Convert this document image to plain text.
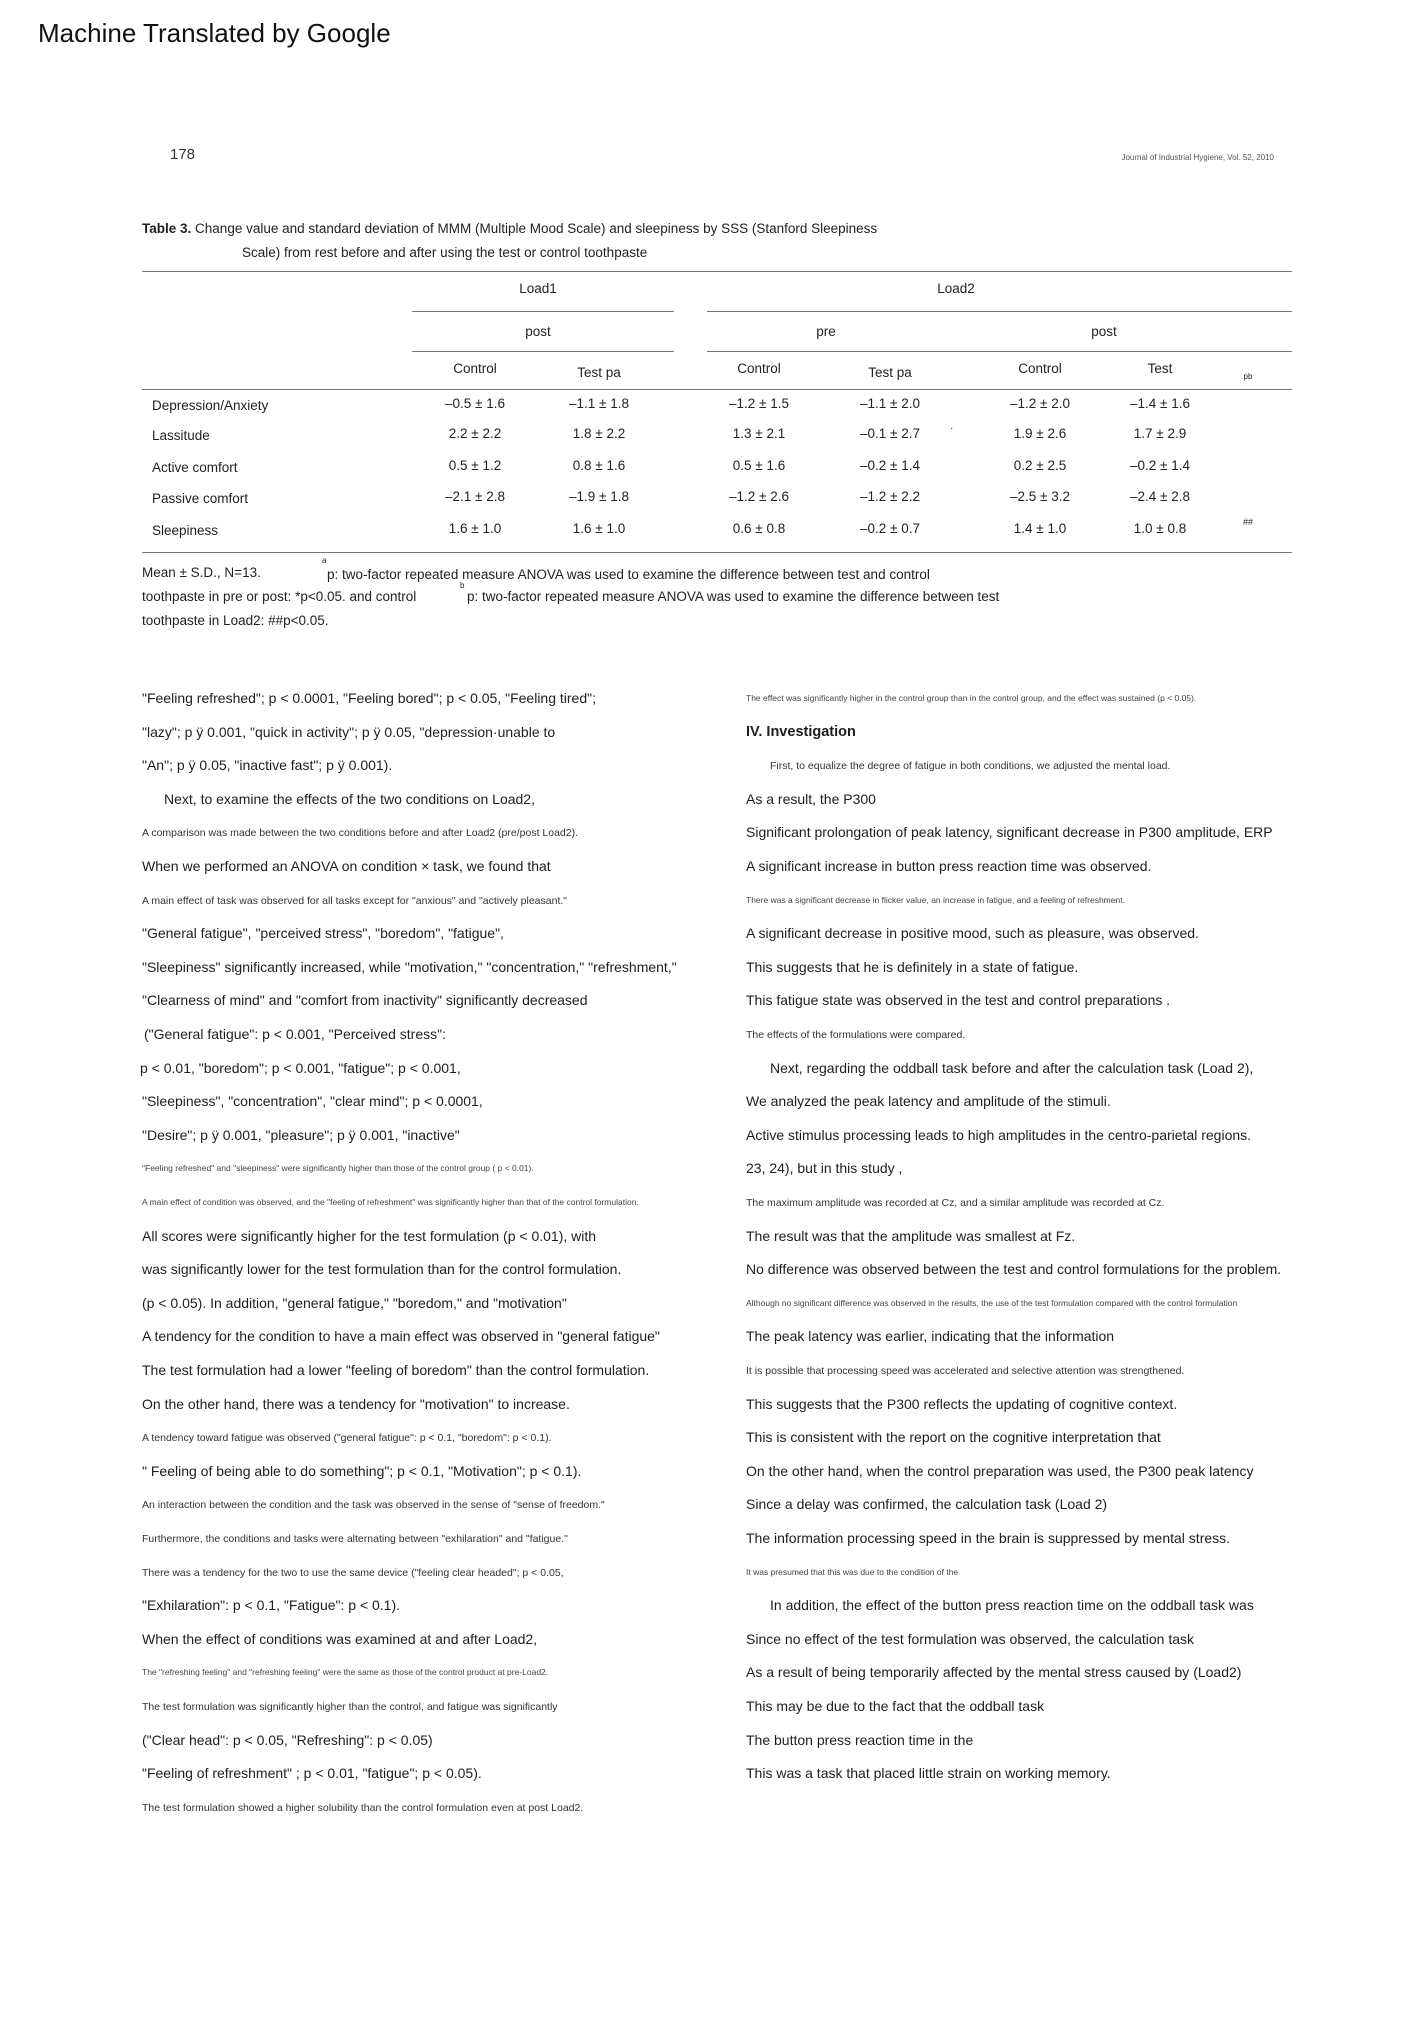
Machine Translated by Google
178	Journal of Industrial Hygiene, Vol. 52, 2010
Table 3. Change value and standard deviation of MMM (Multiple Mood Scale) and sleepiness by SSS (Stanford Sleepiness
Scale) from rest before and after using the test or control toothpaste
Load1	Load2
post	pre	post
Control	Test pa	Control	Test pa	Control	Test
pb
Depression/Anxiety	–0.5 ± 1.6	–1.1 ± 1.8	–1.2 ± 1.5	–1.1 ± 2.0	–1.2 ± 2.0	–1.4 ± 1.6
Lassitude	2.2 ± 2.2	1.8 ± 2.2	1.3 ± 2.1	–0.1 ± 2.7	1.9 ± 2.6	1.7 ± 2.9
Active comfort	0.5 ± 1.2	0.8 ± 1.6	0.5 ± 1.6	–0.2 ± 1.4	0.2 ± 2.5	–0.2 ± 1.4
Passive comfort	–2.1 ± 2.8	–1.9 ± 1.8	–1.2 ± 2.6	–1.2 ± 2.2	–2.5 ± 3.2	–2.4 ± 2.8
Sleepiness	1.6 ± 1.0	1.6 ± 1.0	0.6 ± 0.8	–0.2 ± 0.7	1.4 ± 1.0	1.0 ± 0.8	##
·
Mean ± S.D., N=13.
a
p: two-factor repeated measure ANOVA was used to examine the difference between test and control
toothpaste in pre or post: *p<0.05. and control
b
p: two-factor repeated measure ANOVA was used to examine the difference between test
toothpaste in Load2: ##p<0.05.
"Feeling refreshed"; p < 0.0001, "Feeling bored"; p < 0.05, "Feeling tired";
"lazy"; p ÿ 0.001, "quick in activity"; p ÿ 0.05, "depression·unable to
"An"; p ÿ 0.05, "inactive fast"; p ÿ 0.001).
Next, to examine the effects of the two conditions on Load2,
A comparison was made between the two conditions before and after Load2 (pre/post Load2).
When we performed an ANOVA on condition × task, we found that
A main effect of task was observed for all tasks except for "anxious" and "actively pleasant."
"General fatigue", "perceived stress", "boredom", "fatigue",
"Sleepiness" significantly increased, while "motivation," "concentration," "refreshment,"
"Clearness of mind" and "comfort from inactivity" significantly decreased
("General fatigue": p < 0.001, "Perceived stress":
p < 0.01, "boredom"; p < 0.001, "fatigue"; p < 0.001,
"Sleepiness", "concentration", "clear mind"; p < 0.0001,
"Desire"; p ÿ 0.001, "pleasure"; p ÿ 0.001, "inactive"
"Feeling refreshed" and "sleepiness" were significantly higher than those of the control group ( p < 0.01).
A main effect of condition was observed, and the "feeling of refreshment" was significantly higher than that of the control formulation.
All scores were significantly higher for the test formulation (p < 0.01), with
was significantly lower for the test formulation than for the control formulation.
(p < 0.05). In addition, "general fatigue," "boredom," and "motivation"
A tendency for the condition to have a main effect was observed in "general fatigue"
The test formulation had a lower "feeling of boredom" than the control formulation.
On the other hand, there was a tendency for "motivation" to increase.
A tendency toward fatigue was observed ("general fatigue": p < 0.1, "boredom": p < 0.1).
" Feeling of being able to do something"; p < 0.1, "Motivation"; p < 0.1).
An interaction between the condition and the task was observed in the sense of "sense of freedom."
Furthermore, the conditions and tasks were alternating between "exhilaration" and "fatigue."
There was a tendency for the two to use the same device ("feeling clear headed"; p < 0.05,
"Exhilaration": p < 0.1, "Fatigue": p < 0.1).
When the effect of conditions was examined at and after Load2,
The "refreshing feeling" and "refreshing feeling" were the same as those of the control product at pre-Load2.
The test formulation was significantly higher than the control, and fatigue was significantly
("Clear head": p < 0.05, "Refreshing": p < 0.05)
"Feeling of refreshment" ; p < 0.01, "fatigue"; p < 0.05).
The test formulation showed a higher solubility than the control formulation even at post Load2.
The effect was significantly higher in the control group than in the control group, and the effect was sustained (p < 0.05).
IV. Investigation
First, to equalize the degree of fatigue in both conditions, we adjusted the mental load.
As a result, the P300
Significant prolongation of peak latency, significant decrease in P300 amplitude, ERP
A significant increase in button press reaction time was observed.
There was a significant decrease in flicker value, an increase in fatigue, and a feeling of refreshment.
A significant decrease in positive mood, such as pleasure, was observed.
This suggests that he is definitely in a state of fatigue.
This fatigue state was observed in the test and control preparations .
The effects of the formulations were compared.
Next, regarding the oddball task before and after the calculation task (Load 2),
We analyzed the peak latency and amplitude of the stimuli.
Active stimulus processing leads to high amplitudes in the centro-parietal regions.
23, 24), but in this study ,
The maximum amplitude was recorded at Cz, and a similar amplitude was recorded at Cz.
The result was that the amplitude was smallest at Fz.
No difference was observed between the test and control formulations for the problem.
Although no significant difference was observed in the results, the use of the test formulation compared with the control formulation
The peak latency was earlier, indicating that the information
It is possible that processing speed was accelerated and selective attention was strengthened.
This suggests that the P300 reflects the updating of cognitive context.
This is consistent with the report on the cognitive interpretation that
On the other hand, when the control preparation was used, the P300 peak latency
Since a delay was confirmed, the calculation task (Load 2)
The information processing speed in the brain is suppressed by mental stress.
It was presumed that this was due to the condition of the
In addition, the effect of the button press reaction time on the oddball task was
Since no effect of the test formulation was observed, the calculation task
As a result of being temporarily affected by the mental stress caused by (Load2)
This may be due to the fact that the oddball task
The button press reaction time in the
This was a task that placed little strain on working memory.
